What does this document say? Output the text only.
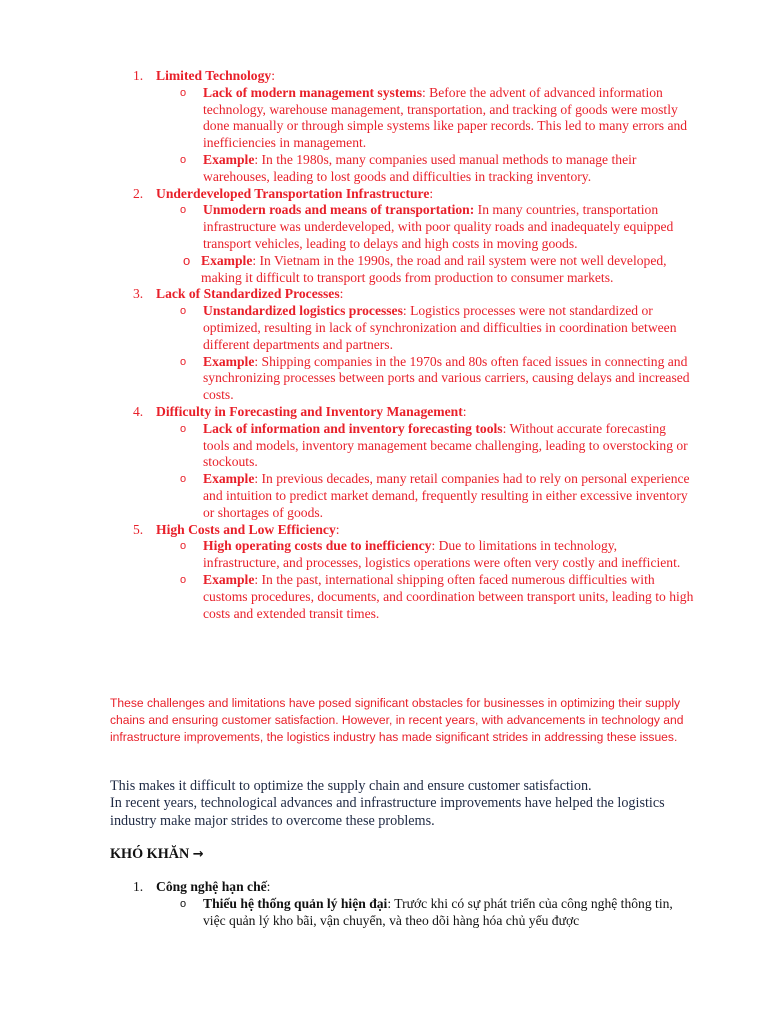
1. Limited Technology:
o Lack of modern management systems: Before the advent of advanced information technology, warehouse management, transportation, and tracking of goods were mostly done manually or through simple systems like paper records. This led to many errors and inefficiencies in management.
o Example: In the 1980s, many companies used manual methods to manage their warehouses, leading to lost goods and difficulties in tracking inventory.
2. Underdeveloped Transportation Infrastructure:
o Unmodern roads and means of transportation: In many countries, transportation infrastructure was underdeveloped, with poor quality roads and inadequately equipped transport vehicles, leading to delays and high costs in moving goods.
o Example: In Vietnam in the 1990s, the road and rail system were not well developed, making it difficult to transport goods from production to consumer markets.
3. Lack of Standardized Processes:
o Unstandardized logistics processes: Logistics processes were not standardized or optimized, resulting in lack of synchronization and difficulties in coordination between different departments and partners.
o Example: Shipping companies in the 1970s and 80s often faced issues in connecting and synchronizing processes between ports and various carriers, causing delays and increased costs.
4. Difficulty in Forecasting and Inventory Management:
o Lack of information and inventory forecasting tools: Without accurate forecasting tools and models, inventory management became challenging, leading to overstocking or stockouts.
o Example: In previous decades, many retail companies had to rely on personal experience and intuition to predict market demand, frequently resulting in either excessive inventory or shortages of goods.
5. High Costs and Low Efficiency:
o High operating costs due to inefficiency: Due to limitations in technology, infrastructure, and processes, logistics operations were often very costly and inefficient.
o Example: In the past, international shipping often faced numerous difficulties with customs procedures, documents, and coordination between transport units, leading to high costs and extended transit times.
These challenges and limitations have posed significant obstacles for businesses in optimizing their supply chains and ensuring customer satisfaction. However, in recent years, with advancements in technology and infrastructure improvements, the logistics industry has made significant strides in addressing these issues.
This makes it difficult to optimize the supply chain and ensure customer satisfaction.
In recent years, technological advances and infrastructure improvements have helped the logistics industry make major strides to overcome these problems.
KHÓ KHĂN →
1. Công nghệ hạn chế:
o Thiếu hệ thống quản lý hiện đại: Trước khi có sự phát triển của công nghệ thông tin, việc quản lý kho bãi, vận chuyển, và theo dõi hàng hóa chủ yếu được
